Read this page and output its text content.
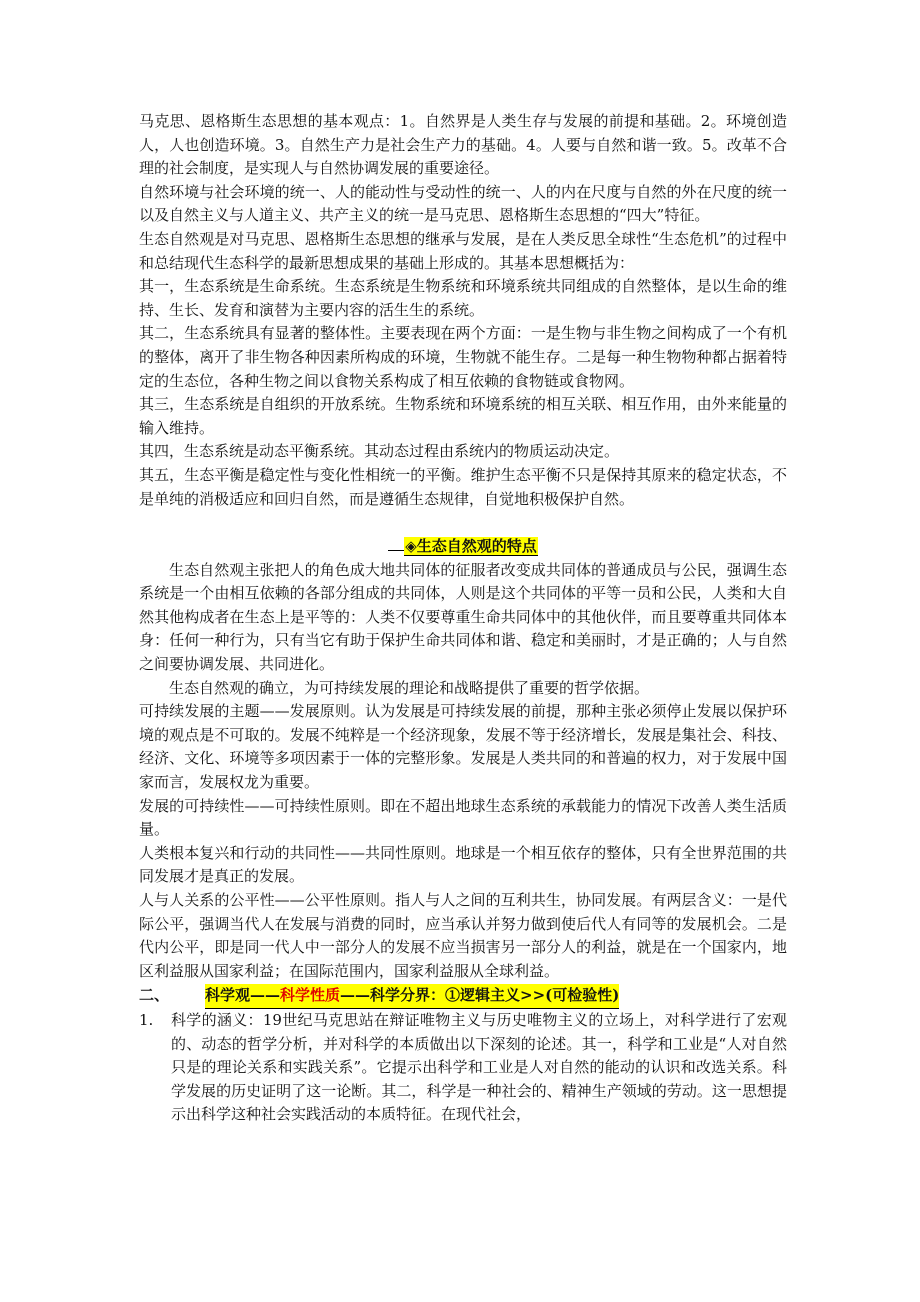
马克思、恩格斯生态思想的基本观点：1。自然界是人类生存与发展的前提和基础。2。环境创造人，人也创造环境。3。自然生产力是社会生产力的基础。4。人要与自然和谐一致。5。改革不合理的社会制度，是实现人与自然协调发展的重要途径。

自然环境与社会环境的统一、人的能动性与受动性的统一、人的内在尺度与自然的外在尺度的统一以及自然主义与人道主义、共产主义的统一是马克思、恩格斯生态思想的“四大”特征。

生态自然观是对马克思、恩格斯生态思想的继承与发展，是在人类反思全球性“生态危机”的过程中和总结现代生态科学的最新思想成果的基础上形成的。其基本思想概括为：

其一，生态系统是生命系统。生态系统是生物系统和环境系统共同组成的自然整体，是以生命的维持、生长、发育和演替为主要内容的活生生的系统。

其二，生态系统具有显著的整体性。主要表现在两个方面：一是生物与非生物之间构成了一个有机的整体，离开了非生物各种因素所构成的环境，生物就不能生存。二是每一种生物物种都占据着特定的生态位，各种生物之间以食物关系构成了相互依赖的食物链或食物网。

其三，生态系统是自组织的开放系统。生物系统和环境系统的相互关联、相互作用，由外来能量的输入维持。

其四，生态系统是动态平衡系统。其动态过程由系统内的物质运动决定。

其五，生态平衡是稳定性与变化性相统一的平衡。维护生态平衡不只是保持其原来的稳定状态，不是单纯的消极适应和回归自然，而是遵循生态规律，自觉地积极保护自然。

◈生态自然观的特点

生态自然观主张把人的角色成大地共同体的征服者改变成共同体的普通成员与公民，强调生态系统是一个由相互依赖的各部分组成的共同体，人则是这个共同体的平等一员和公民，人类和大自然其他构成者在生态上是平等的：人类不仅要尊重生命共同体中的其他伙伴，而且要尊重共同体本身：任何一种行为，只有当它有助于保护生命共同体和谐、稳定和美丽时，才是正确的；人与自然之间要协调发展、共同进化。

生态自然观的确立，为可持续发展的理论和战略提供了重要的哲学依据。

可持续发展的主题——发展原则。认为发展是可持续发展的前提，那种主张必须停止发展以保护环境的观点是不可取的。发展不纯粹是一个经济现象，发展不等于经济增长，发展是集社会、科技、经济、文化、环境等多项因素于一体的完整形象。发展是人类共同的和普遍的权力，对于发展中国家而言，发展权龙为重要。

发展的可持续性——可持续性原则。即在不超出地球生态系统的承载能力的情况下改善人类生活质量。

人类根本复兴和行动的共同性——共同性原则。地球是一个相互依存的整体，只有全世界范围的共同发展才是真正的发展。

人与人关系的公平性——公平性原则。指人与人之间的互利共生，协同发展。有两层含义：一是代际公平，强调当代人在发展与消费的同时，应当承认并努力做到使后代人有同等的发展机会。二是代内公平，即是同一代人中一部分人的发展不应当损害另一部分人的利益，就是在一个国家内，地区利益服从国家利益；在国际范围内，国家利益服从全球利益。

二、	科学观——科学性质——科学分界：①逻辑主义>>(可检验性)
1.	科学的涵义：19世纪马克思站在辩证唯物主义与历史唯物主义的立场上，对科学进行了宏观的、动态的哲学分析，并对科学的本质做出以下深刻的论述。其一，科学和工业是“人对自然只是的理论关系和实践关系”。它提示出科学和工业是人对自然的能动的认识和改选关系。科学发展的历史证明了这一论断。其二，科学是一种社会的、精神生产领域的劳动。这一思想提示出科学这种社会实践活动的本质特征。在现代社会，
